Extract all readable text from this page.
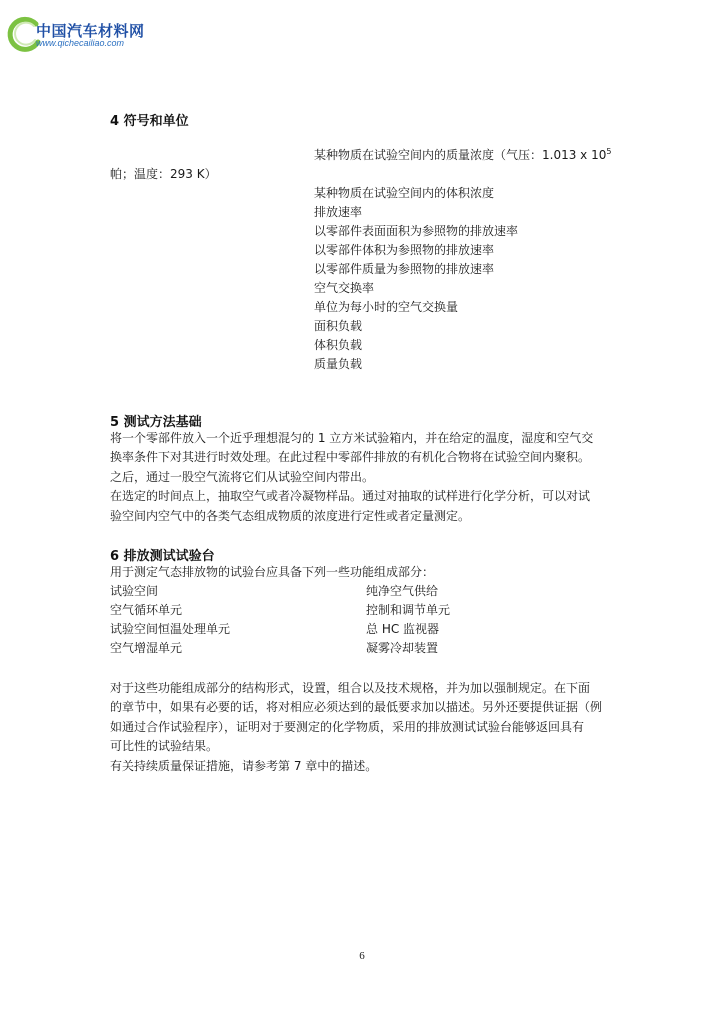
中国汽车材料网
www.qichecailiao.com
4 符号和单位
某种物质在试验空间内的质量浓度（气压：1.013 x $10^5$
帕；温度：293 K）
某种物质在试验空间内的体积浓度
排放速率
以零部件表面面积为参照物的排放速率
以零部件体积为参照物的排放速率
以零部件质量为参照物的排放速率
空气交换率
单位为每小时的空气交换量
面积负载
体积负载
质量负载
5 测试方法基础
将一个零部件放入一个近乎理想混匀的 1 立方米试验箱内，并在给定的温度，湿度和空气交
换率条件下对其进行时效处理。在此过程中零部件排放的有机化合物将在试验空间内聚积。
之后，通过一股空气流将它们从试验空间内带出。
在选定的时间点上，抽取空气或者冷凝物样品。通过对抽取的试样进行化学分析，可以对试
验空间内空气中的各类气态组成物质的浓度进行定性或者定量测定。
6 排放测试试验台
用于测定气态排放物的试验台应具备下列一些功能组成部分：
试验空间
空气循环单元
试验空间恒温处理单元
空气增湿单元
纯净空气供给
控制和调节单元
总 HC 监视器
凝雾冷却装置
对于这些功能组成部分的结构形式，设置，组合以及技术规格，并为加以强制规定。在下面
的章节中，如果有必要的话，将对相应必须达到的最低要求加以描述。另外还要提供证据（例
如通过合作试验程序），证明对于要测定的化学物质，采用的排放测试试验台能够返回具有
可比性的试验结果。
有关持续质量保证措施，请参考第 7 章中的描述。
6
